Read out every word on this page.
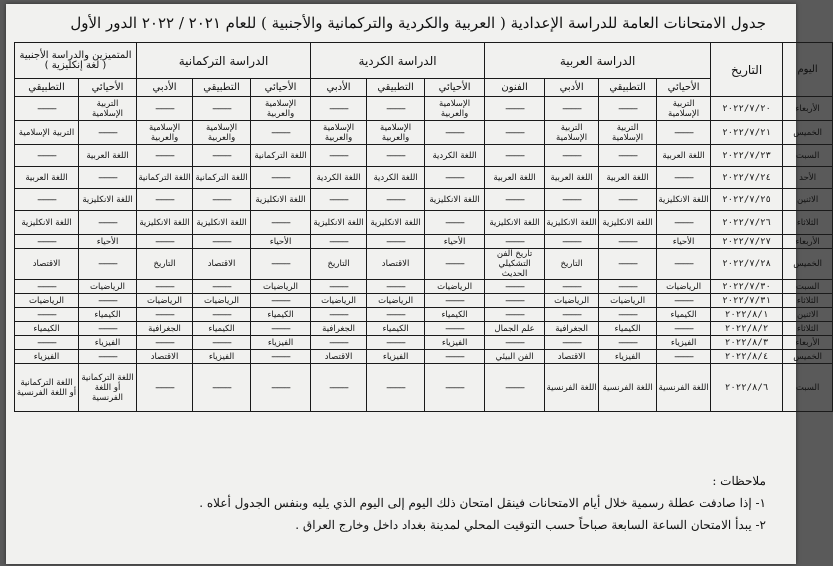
جدول الامتحانات العامة للدراسة الإعدادية ( العربية والكردية والتركمانية والأجنبية ) للعام ٢٠٢١ / ٢٠٢٢ الدور الأول
اليوم	التاريخ	الدراسة العربية				الدراسة الكردية			الدراسة التركمانية			المتميزين والدراسة الأجنبية ( لغة إنكليزية )	
		الأحيائي	التطبيقي	الأدبي	الفنون	الأحيائي	التطبيقي	الأدبي	الأحيائي	التطبيقي	الأدبي	الأحيائي	التطبيقي
الأربعاء	٢٠٢٢/٧/٢٠	التربية الإسلامية	---------	---------	---------	الإسلامية والعربية	---------	---------	الإسلامية والعربية	---------	---------	التربية الإسلامية	---------
الخميس	٢٠٢٢/٧/٢١	---------	التربية الإسلامية	التربية الإسلامية	---------	---------	الإسلامية والعربية	الإسلامية والعربية	---------	الإسلامية والعربية	الإسلامية والعربية	---------	التربية الإسلامية
السبت	٢٠٢٢/٧/٢٣	اللغة العربية	---------	---------	---------	اللغة الكردية	---------	---------	اللغة التركمانية	---------	---------	اللغة العربية	---------
الأحد	٢٠٢٢/٧/٢٤	---------	اللغة العربية	اللغة العربية	اللغة العربية	---------	اللغة الكردية	اللغة الكردية	---------	اللغة التركمانية	اللغة التركمانية	---------	اللغة العربية
الاثنين	٢٠٢٢/٧/٢٥	اللغة الانكليزية	---------	---------	---------	اللغة الانكليزية	---------	---------	اللغة الانكليزية	---------	---------	اللغة الانكليزية	---------
الثلاثاء	٢٠٢٢/٧/٢٦	---------	اللغة الانكليزية	اللغة الانكليزية	اللغة الانكليزية	---------	اللغة الانكليزية	اللغة الانكليزية	---------	اللغة الانكليزية	اللغة الانكليزية	---------	اللغة الانكليزية
الأربعاء	٢٠٢٢/٧/٢٧	الأحياء	---------	---------	---------	الأحياء	---------	---------	الأحياء	---------	---------	الأحياء	---------
الخميس	٢٠٢٢/٧/٢٨	---------	---------	التاريخ	تاريخ الفن التشكيلي الحديث	---------	الاقتصاد	التاريخ	---------	الاقتصاد	التاريخ	---------	الاقتصاد
السبت	٢٠٢٢/٧/٣٠	الرياضيات	---------	---------	---------	الرياضيات	---------	---------	الرياضيات	---------	---------	الرياضيات	---------
الثلاثاء	٢٠٢٢/٧/٣١	---------	الرياضيات	الرياضيات	---------	---------	الرياضيات	الرياضيات	---------	الرياضيات	الرياضيات	---------	الرياضيات
الاثنين	٢٠٢٢/٨/١	الكيمياء	---------	---------	---------	الكيمياء	---------	---------	الكيمياء	---------	---------	الكيمياء	---------
الثلاثاء	٢٠٢٢/٨/٢	---------	الكيمياء	الجغرافية	علم الجمال	---------	الكيمياء	الجغرافية	---------	الكيمياء	الجغرافية	---------	الكيمياء
الأربعاء	٢٠٢٢/٨/٣	الفيزياء	---------	---------	---------	الفيزياء	---------	---------	الفيزياء	---------	---------	الفيزياء	---------
الخميس	٢٠٢٢/٨/٤	---------	الفيزياء	الاقتصاد	الفن البيئي	---------	الفيزياء	الاقتصاد	---------	الفيزياء	الاقتصاد	---------	الفيزياء
السبت	٢٠٢٢/٨/٦	اللغة الفرنسية	اللغة الفرنسية	اللغة الفرنسية	---------	---------	---------	---------	---------	---------	---------	اللغة التركمانية أو اللغة الفرنسية	اللغة التركمانية أو اللغة الفرنسية
ملاحظات :
١- إذا صادفت عطلة رسمية خلال أيام الامتحانات فينقل امتحان ذلك اليوم إلى اليوم الذي يليه وبنفس الجدول أعلاه .
٢- يبدأ الامتحان الساعة السابعة صباحاً حسب التوقيت المحلي لمدينة بغداد داخل وخارج العراق .
